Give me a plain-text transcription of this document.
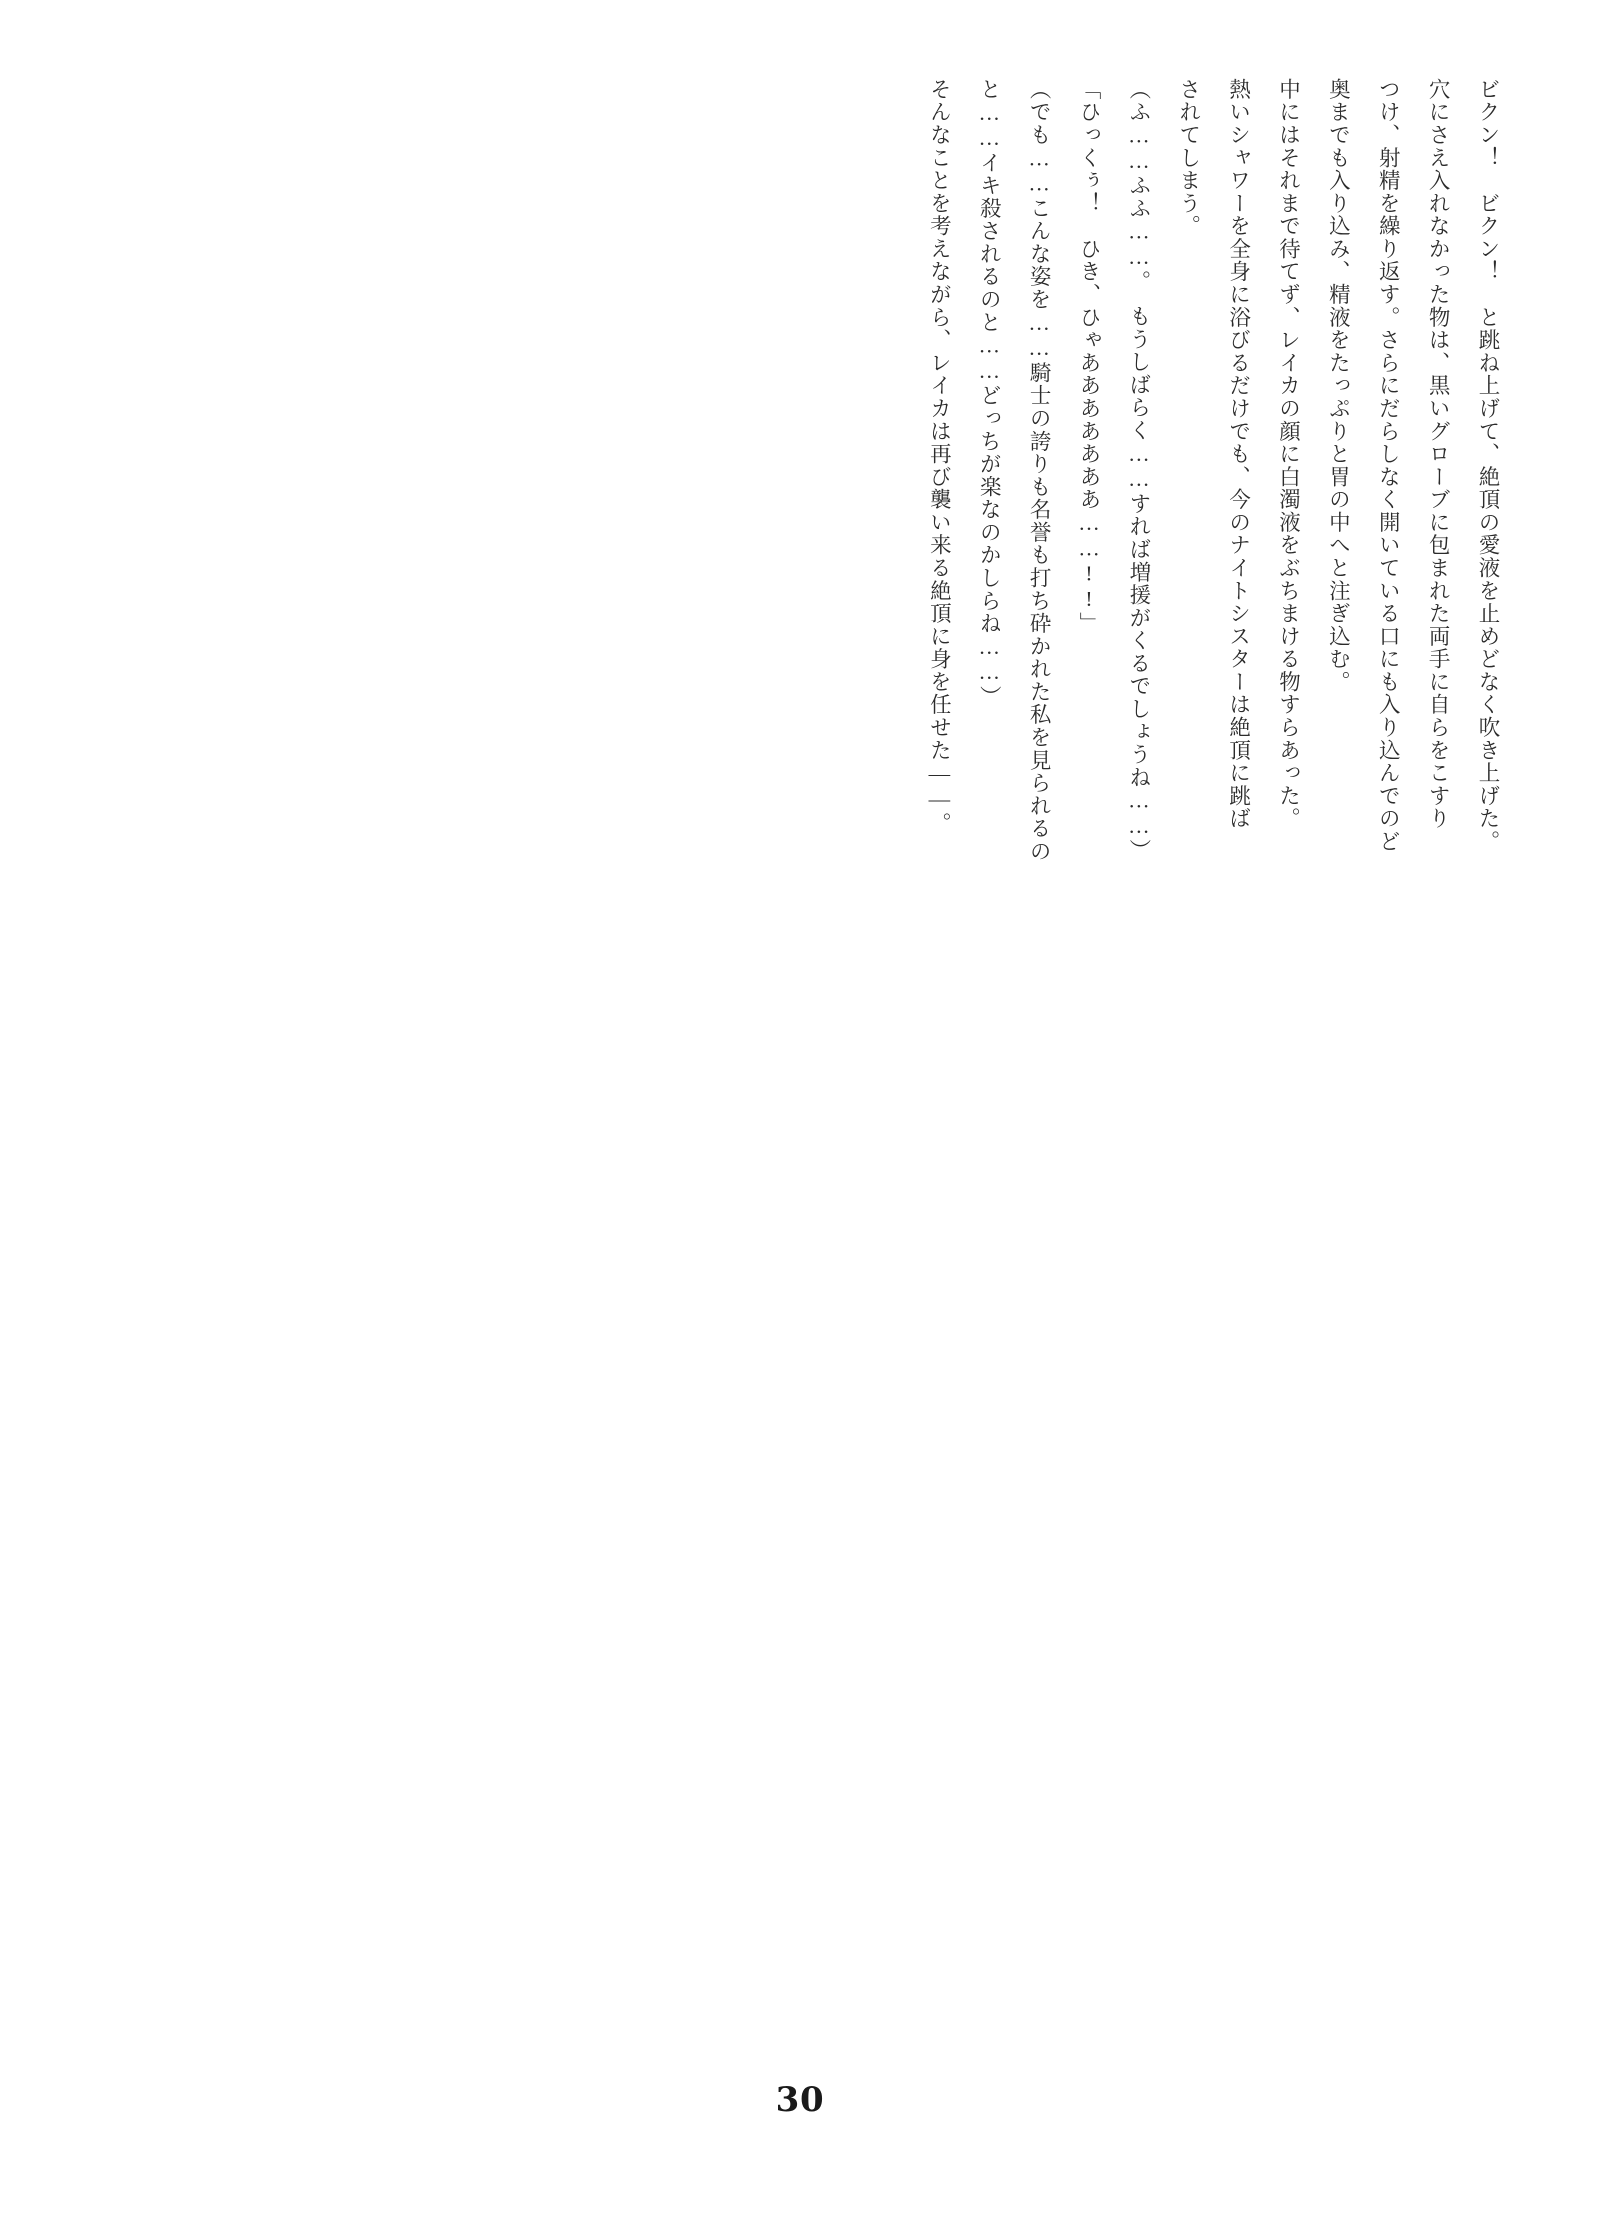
ビクン！　ビクン！　と跳ね上げて、絶頂の愛液を止めどなく吹き上げた。

穴にさえ入れなかった物は、黒いグローブに包まれた両手に自らをこすり

つけ、射精を繰り返す。さらにだらしなく開いている口にも入り込んでのど

奥までも入り込み、精液をたっぷりと胃の中へと注ぎ込む。

中にはそれまで待てず、レイカの顔に白濁液をぶちまける物すらあった。

熱いシャワーを全身に浴びるだけでも、今のナイトシスターは絶頂に跳ば

されてしまう。

（ふ……ふふ……。　もうしばらく……すれば増援がくるでしょうね……）

「ひっくぅ！　ひき、ひゃあああああああ……!!」

（でも……こんな姿を……騎士の誇りも名誉も打ち砕かれた私を見られるの

と……イキ殺されるのと……どっちが楽なのかしらね……）

そんなことを考えながら、レイカは再び襲い来る絶頂に身を任せた——。

30
